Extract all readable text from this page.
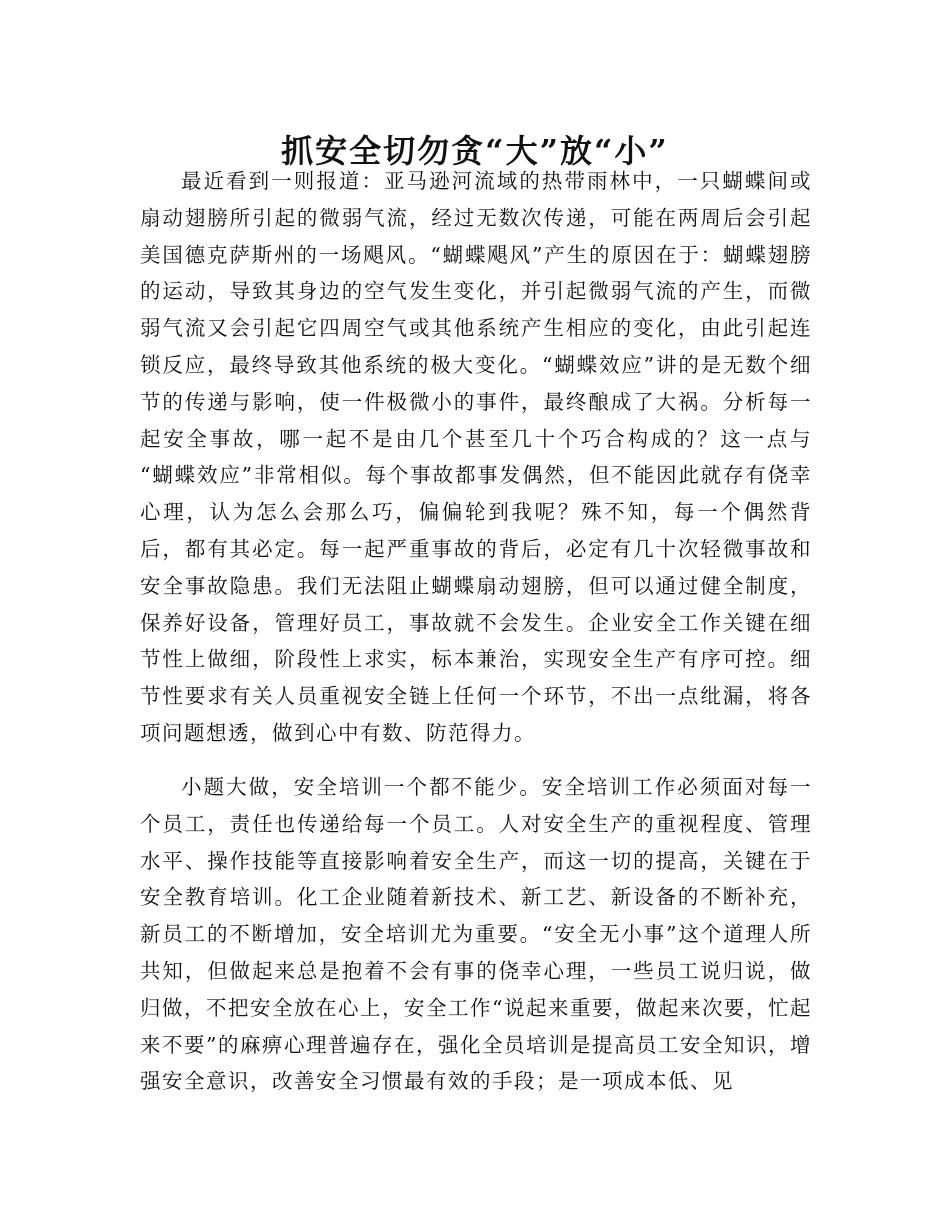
抓安全切勿贪“大”放“小”

最近看到一则报道：亚马逊河流域的热带雨林中，一只蝴蝶间或扇动翅膀所引起的微弱气流，经过无数次传递，可能在两周后会引起美国德克萨斯州的一场飓风。“蝴蝶飓风”产生的原因在于：蝴蝶翅膀的运动，导致其身边的空气发生变化，并引起微弱气流的产生，而微弱气流又会引起它四周空气或其他系统产生相应的变化，由此引起连锁反应，最终导致其他系统的极大变化。“蝴蝶效应”讲的是无数个细节的传递与影响，使一件极微小的事件，最终酿成了大祸。分析每一起安全事故，哪一起不是由几个甚至几十个巧合构成的？这一点与 “蝴蝶效应”非常相似。每个事故都事发偶然，但不能因此就存有侥幸心理，认为怎么会那么巧，偏偏轮到我呢？殊不知，每一个偶然背后，都有其必定。每一起严重事故的背后，必定有几十次轻微事故和安全事故隐患。我们无法阻止蝴蝶扇动翅膀，但可以通过健全制度，保养好设备，管理好员工，事故就不会发生。企业安全工作关键在细节性上做细，阶段性上求实，标本兼治，实现安全生产有序可控。细节性要求有关人员重视安全链上任何一个环节，不出一点纰漏，将各项问题想透，做到心中有数、防范得力。

小题大做，安全培训一个都不能少。安全培训工作必须面对每一个员工，责任也传递给每一个员工。人对安全生产的重视程度、管理水平、操作技能等直接影响着安全生产，而这一切的提高，关键在于安全教育培训。化工企业随着新技术、新工艺、新设备的不断补充，新员工的不断增加，安全培训尤为重要。“安全无小事”这个道理人所共知，但做起来总是抱着不会有事的侥幸心理，一些员工说归说，做归做，不把安全放在心上，安全工作“说起来重要，做起来次要，忙起来不要”的麻痹心理普遍存在，强化全员培训是提高员工安全知识，增强安全意识，改善安全习惯最有效的手段；是一项成本低、见
